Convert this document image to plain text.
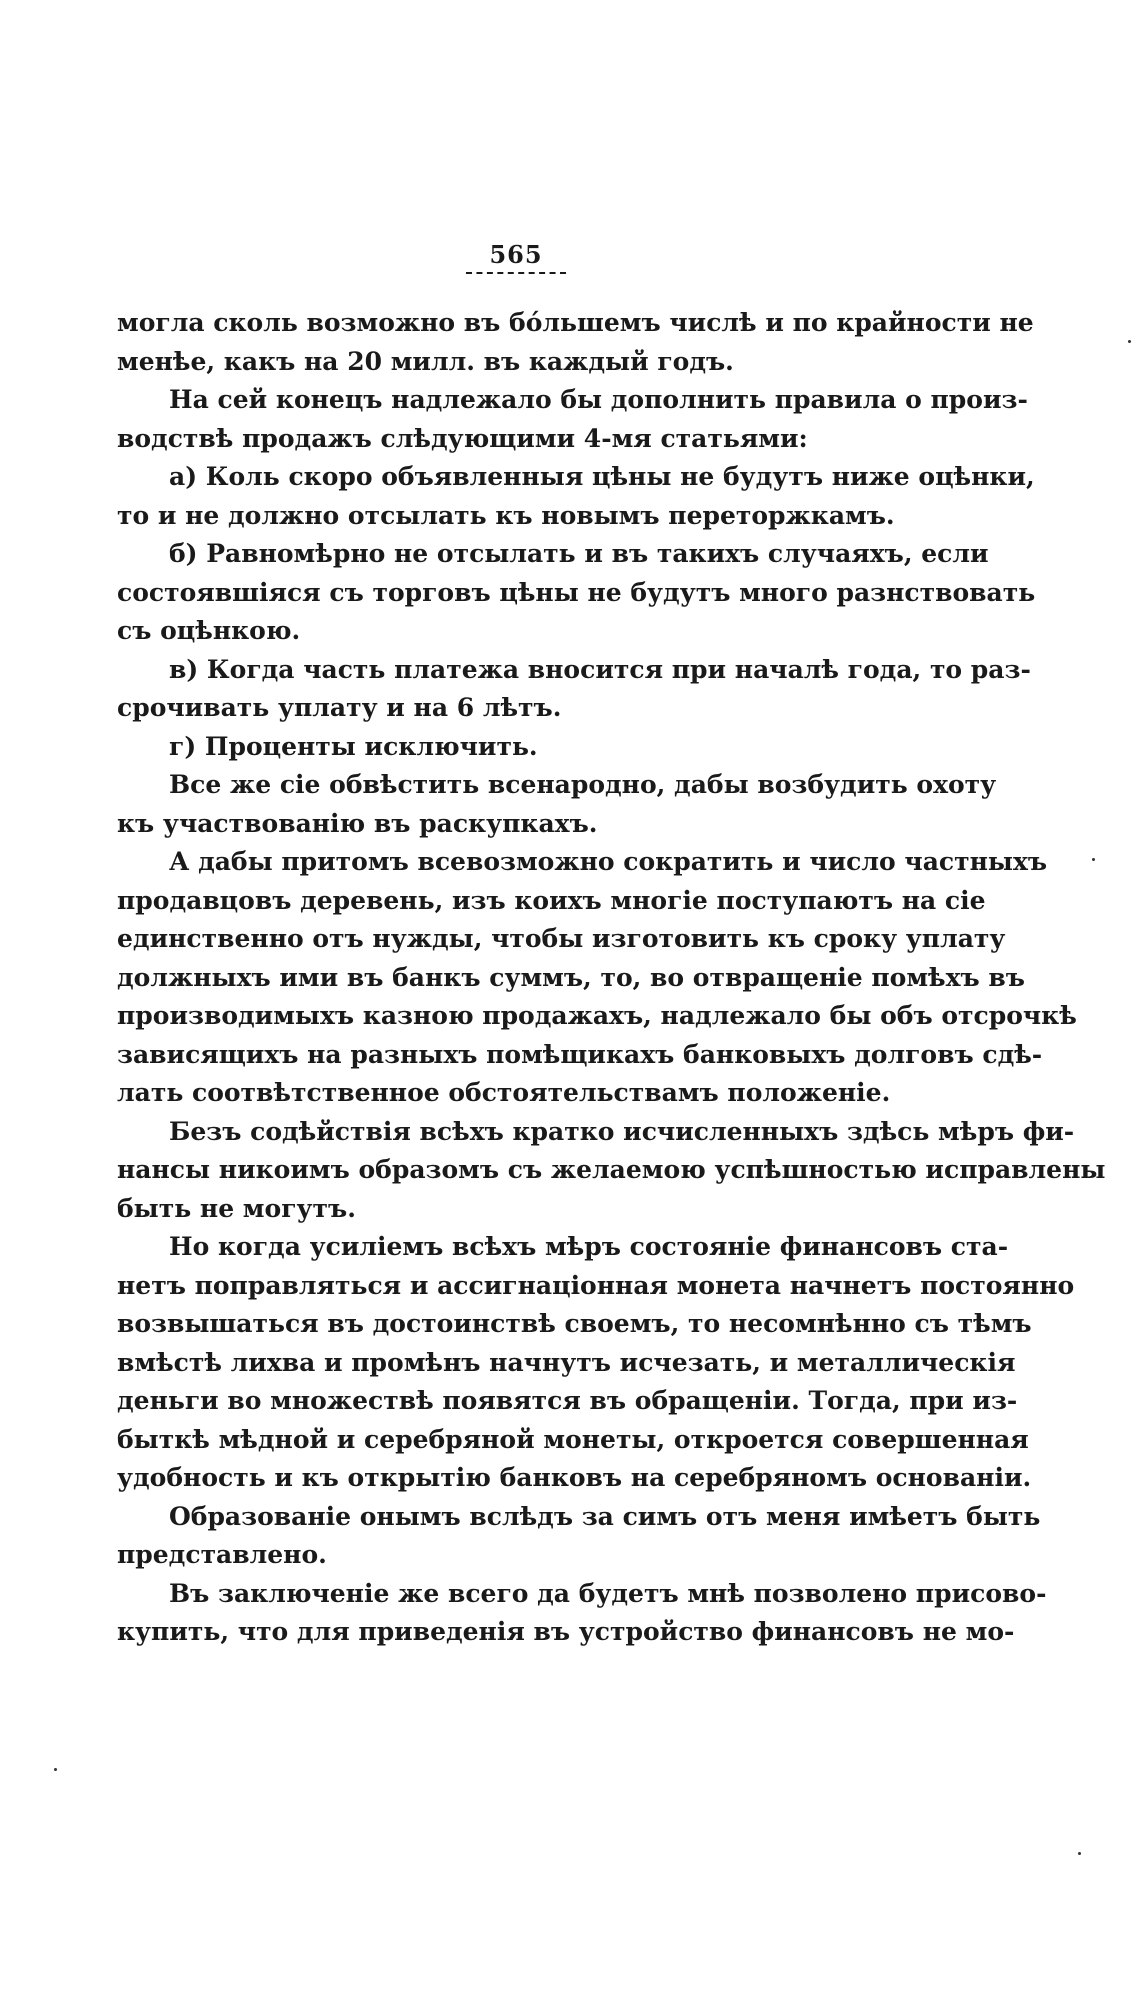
565
могла сколь возможно въ бо́льшемъ числѣ и по крайности не
менѣе, какъ на 20 милл. въ каждый годъ.
На сей конецъ надлежало бы дополнить правила о произ-
водствѣ продажъ слѣдующими 4-мя статьями:
а) Коль скоро объявленныя цѣны не будутъ ниже оцѣнки,
то и не должно отсылать къ новымъ переторжкамъ.
б) Равномѣрно не отсылать и въ такихъ случаяхъ, если
состоявшіяся съ торговъ цѣны не будутъ много разнствовать
съ оцѣнкою.
в) Когда часть платежа вносится при началѣ года, то раз-
срочивать уплату и на 6 лѣтъ.
г) Проценты исключить.
Все же сіе обвѣстить всенародно, дабы возбудить охоту
къ участвованію въ раскупкахъ.
А дабы притомъ всевозможно сократить и число частныхъ
продавцовъ деревень, изъ коихъ многіе поступаютъ на сіе
единственно отъ нужды, чтобы изготовить къ сроку уплату
должныхъ ими въ банкъ суммъ, то, во отвращеніе помѣхъ въ
производимыхъ казною продажахъ, надлежало бы объ отсрочкѣ
зависящихъ на разныхъ помѣщикахъ банковыхъ долговъ сдѣ-
лать соотвѣтственное обстоятельствамъ положеніе.
Безъ содѣйствія всѣхъ кратко исчисленныхъ здѣсь мѣръ фи-
нансы никоимъ образомъ съ желаемою успѣшностью исправлены
быть не могутъ.
Но когда усиліемъ всѣхъ мѣръ состояніе финансовъ ста-
нетъ поправляться и ассигнаціонная монета начнетъ постоянно
возвышаться въ достоинствѣ своемъ, то несомнѣнно съ тѣмъ
вмѣстѣ лихва и промѣнъ начнутъ исчезать, и металлическія
деньги во множествѣ появятся въ обращеніи. Тогда, при из-
быткѣ мѣдной и серебряной монеты, откроется совершенная
удобность и къ открытію банковъ на серебряномъ основаніи.
Образованіе онымъ вслѣдъ за симъ отъ меня имѣетъ быть
представлено.
Въ заключеніе же всего да будетъ мнѣ позволено присово-
купить, что для приведенія въ устройство финансовъ не мо-
